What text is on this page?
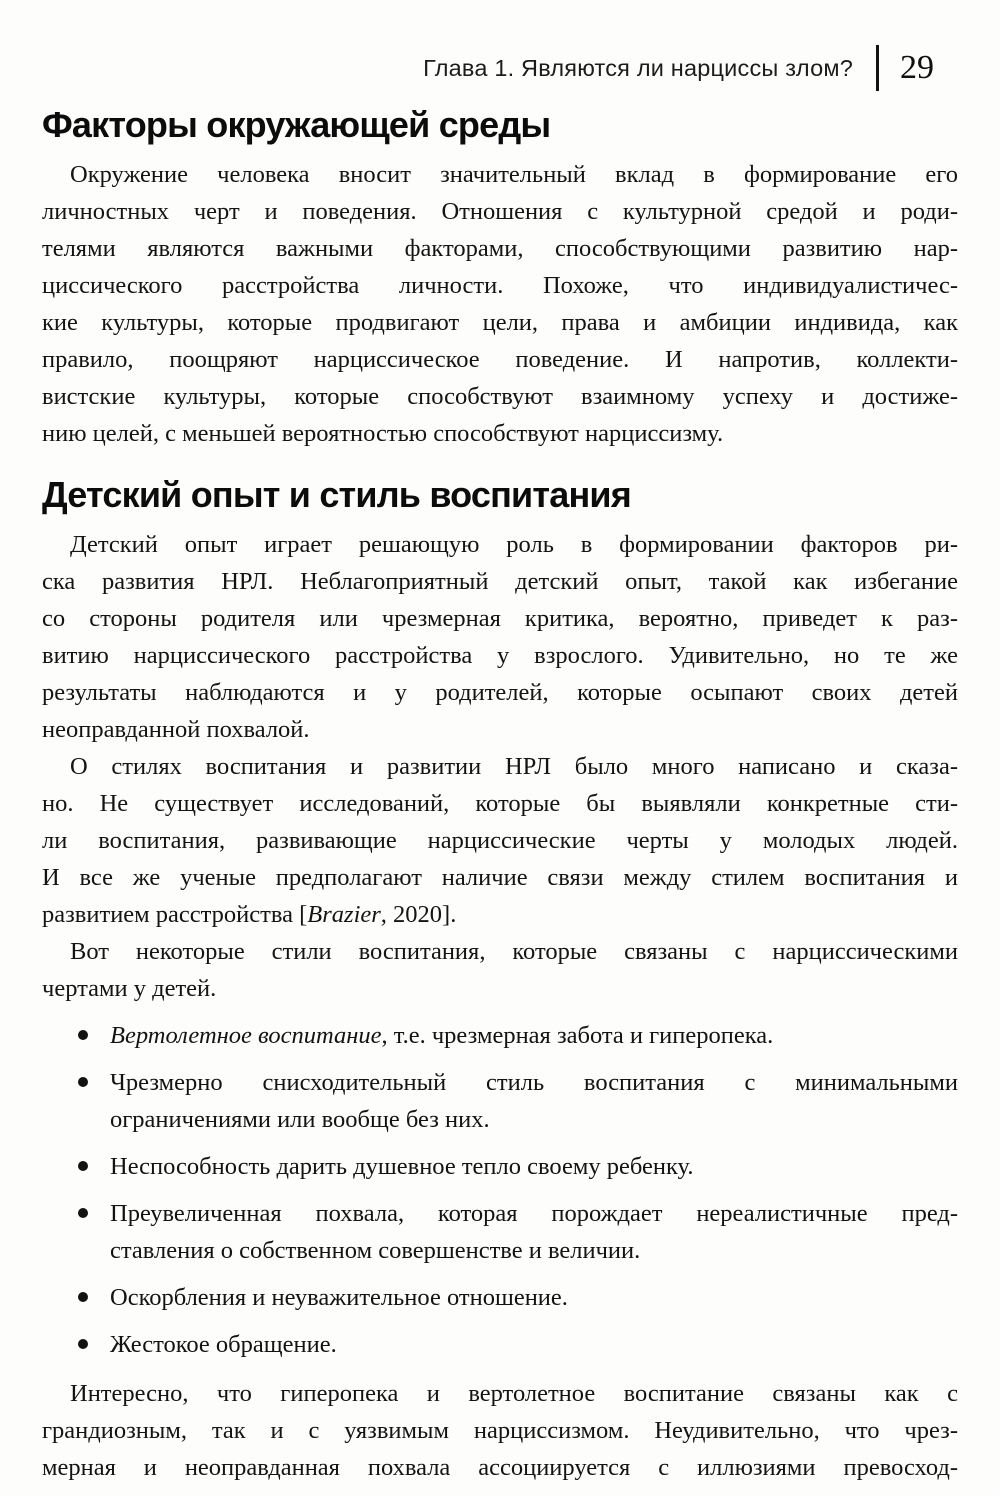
Глава 1. Являются ли нарциссы злом? 29
Факторы окружающей среды
Окружение человека вносит значительный вклад в формирование его
личностных черт и поведения. Отношения с культурной средой и роди-
телями являются важными факторами, способствующими развитию нар-
циссического расстройства личности. Похоже, что индивидуалистичес-
кие культуры, которые продвигают цели, права и амбиции индивида, как
правило, поощряют нарциссическое поведение. И напротив, коллекти-
вистские культуры, которые способствуют взаимному успеху и достиже-
нию целей, с меньшей вероятностью способствуют нарциссизму.
Детский опыт и стиль воспитания
Детский опыт играет решающую роль в формировании факторов ри-
ска развития НРЛ. Неблагоприятный детский опыт, такой как избегание
со стороны родителя или чрезмерная критика, вероятно, приведет к раз-
витию нарциссического расстройства у взрослого. Удивительно, но те же
результаты наблюдаются и у родителей, которые осыпают своих детей
неоправданной похвалой.
О стилях воспитания и развитии НРЛ было много написано и сказа-
но. Не существует исследований, которые бы выявляли конкретные сти-
ли воспитания, развивающие нарциссические черты у молодых людей.
И все же ученые предполагают наличие связи между стилем воспитания и
развитием расстройства [Brazier, 2020].
Вот некоторые стили воспитания, которые связаны с нарциссическими
чертами у детей.
Вертолетное воспитание, т.е. чрезмерная забота и гиперопека.
Чрезмерно снисходительный стиль воспитания с минимальными
ограничениями или вообще без них.
Неспособность дарить душевное тепло своему ребенку.
Преувеличенная похвала, которая порождает нереалистичные пред-
ставления о собственном совершенстве и величии.
Оскорбления и неуважительное отношение.
Жестокое обращение.
Интересно, что гиперопека и вертолетное воспитание связаны как с
грандиозным, так и с уязвимым нарциссизмом. Неудивительно, что чрез-
мерная и неоправданная похвала ассоциируется с иллюзиями превосход-
